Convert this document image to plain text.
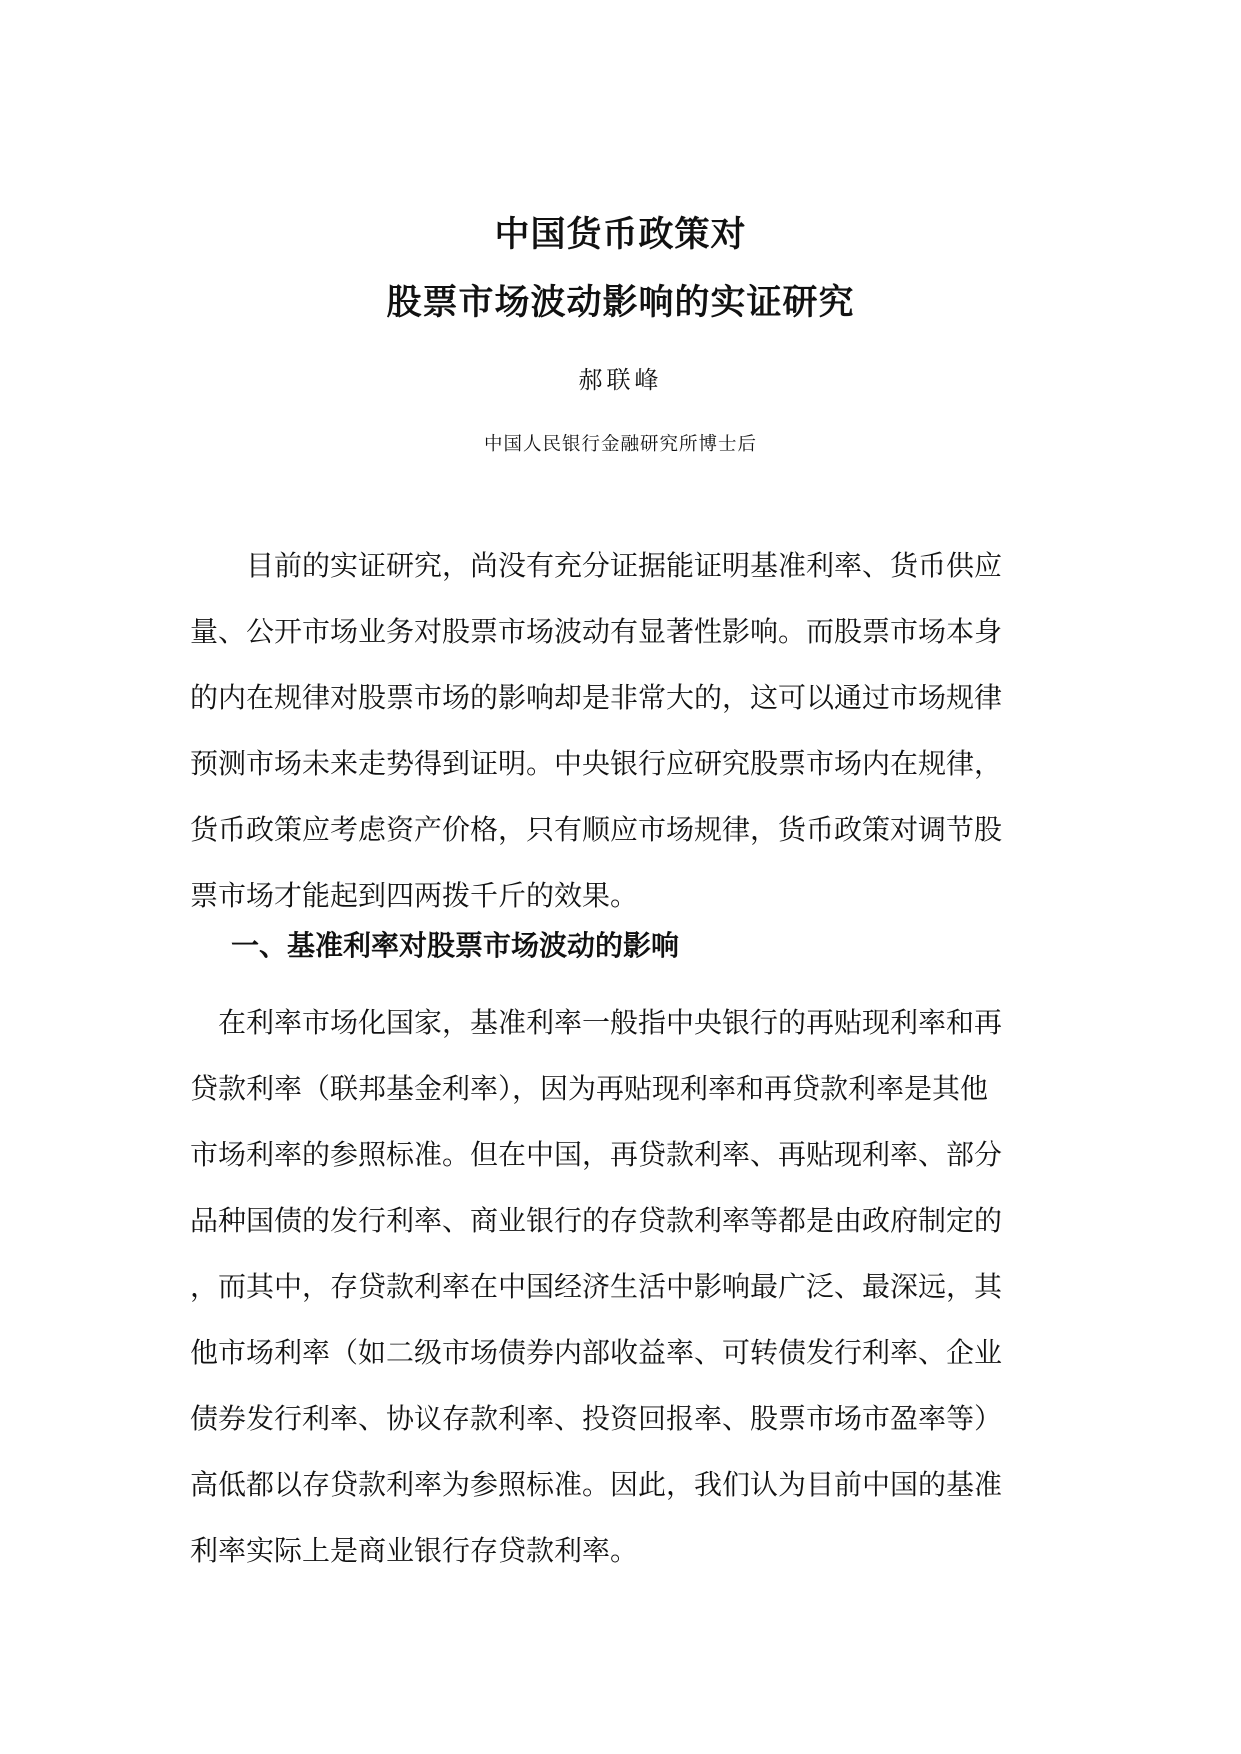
中国货币政策对
股票市场波动影响的实证研究
郝联峰
中国人民银行金融研究所博士后
　　目前的实证研究，尚没有充分证据能证明基准利率、货币供应
量、公开市场业务对股票市场波动有显著性影响。而股票市场本身
的内在规律对股票市场的影响却是非常大的，这可以通过市场规律
预测市场未来走势得到证明。中央银行应研究股票市场内在规律，
货币政策应考虑资产价格，只有顺应市场规律，货币政策对调节股
票市场才能起到四两拨千斤的效果。
一、基准利率对股票市场波动的影响
　在利率市场化国家，基准利率一般指中央银行的再贴现利率和再
贷款利率（联邦基金利率），因为再贴现利率和再贷款利率是其他
市场利率的参照标准。但在中国，再贷款利率、再贴现利率、部分
品种国债的发行利率、商业银行的存贷款利率等都是由政府制定的
，而其中，存贷款利率在中国经济生活中影响最广泛、最深远，其
他市场利率（如二级市场债券内部收益率、可转债发行利率、企业
债券发行利率、协议存款利率、投资回报率、股票市场市盈率等）
高低都以存贷款利率为参照标准。因此，我们认为目前中国的基准
利率实际上是商业银行存贷款利率。
